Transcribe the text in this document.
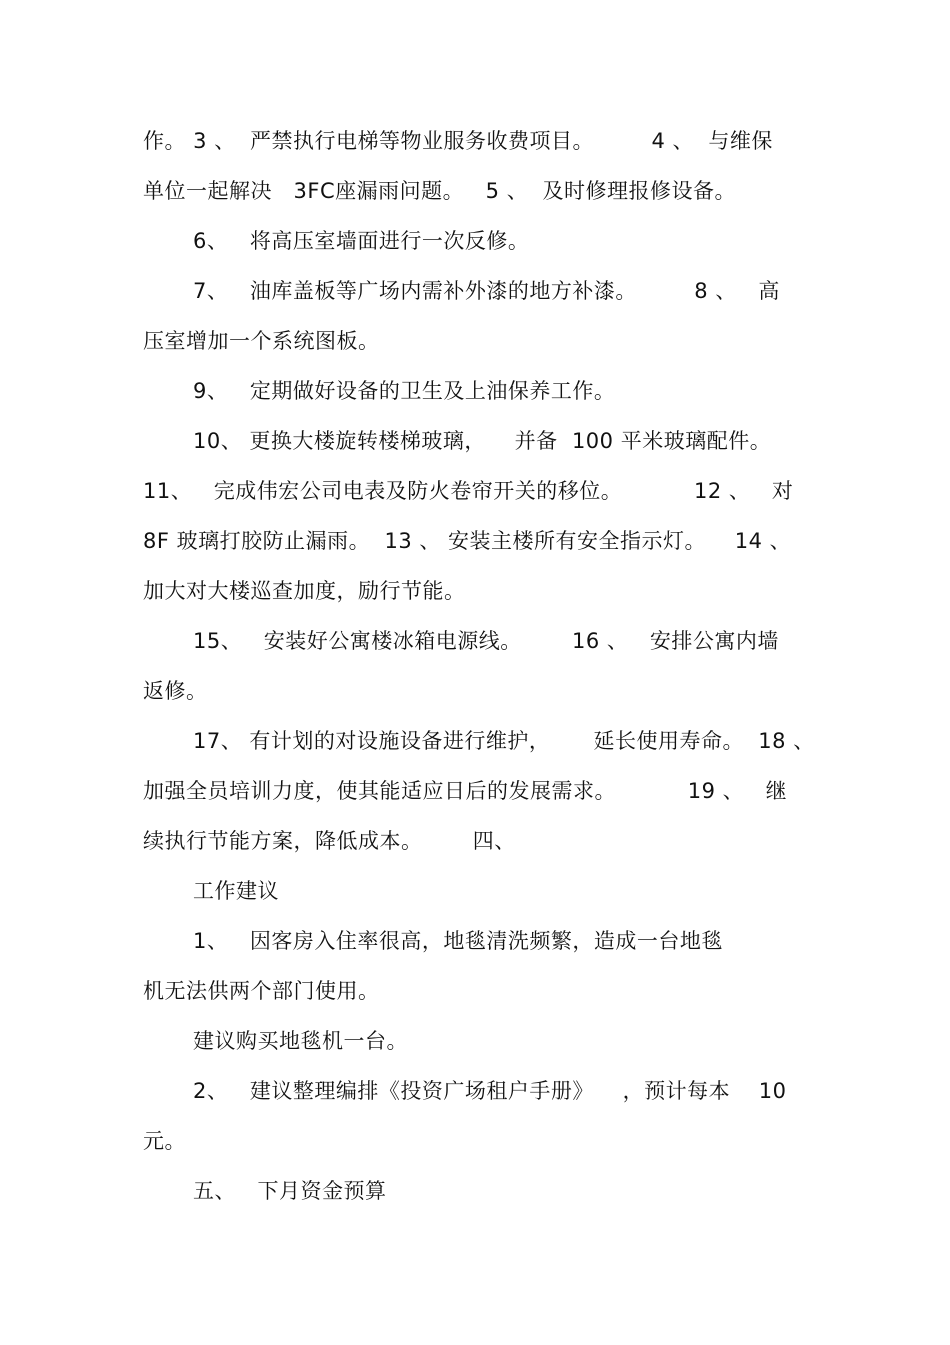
作。 3 、  严禁执行电梯等物业服务收费项目。        4 、  与维保
单位一起解决   3FC座漏雨问题。   5 、  及时修理报修设备。
6、   将高压室墙面进行一次反修。
7、   油库盖板等广场内需补外漆的地方补漆。        8 、   高
压室增加一个系统图板。
9、   定期做好设备的卫生及上油保养工作。
10、 更换大楼旋转楼梯玻璃，    并备  100 平米玻璃配件。
11、   完成伟宏公司电表及防火卷帘开关的移位。          12 、   对
8F 玻璃打胶防止漏雨。  13 、 安装主楼所有安全指示灯。    14 、
加大对大楼巡查加度，励行节能。
15、   安装好公寓楼冰箱电源线。       16 、   安排公寓内墙
返修。
17、 有计划的对设施设备进行维护，      延长使用寿命。  18 、
加强全员培训力度，使其能适应日后的发展需求。          19 、   继
续执行节能方案，降低成本。       四、
工作建议
1、   因客房入住率很高，地毯清洗频繁，造成一台地毯
机无法供两个部门使用。
建议购买地毯机一台。
2、   建议整理编排《投资广场租户手册》    ，预计每本    10
元。
五、   下月资金预算
